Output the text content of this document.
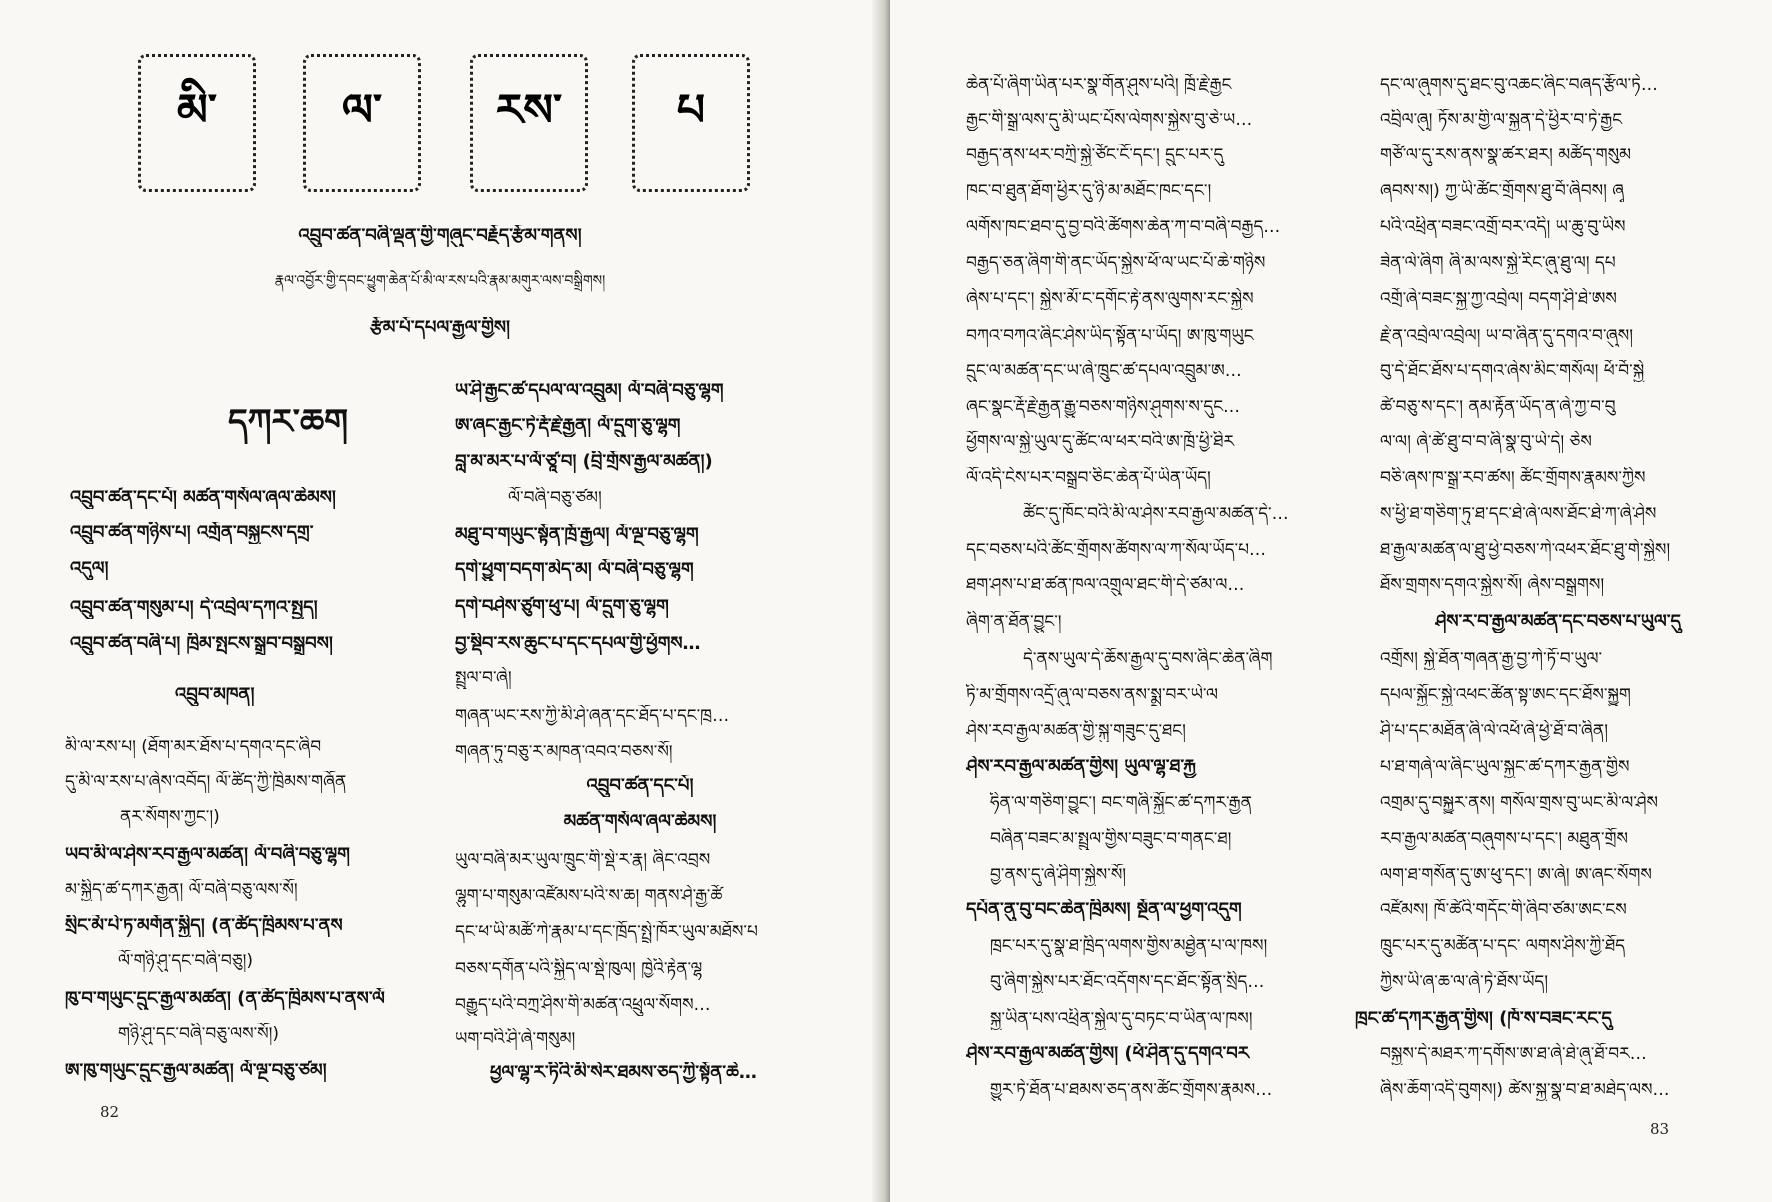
མི་	ལ་	རས་	པ
འབྲུབ་ཚན་བཞི་ལྡན་གྱི་གཞུང་བརྗོད་རྩོམ་གནས།
རྣལ་འབྱོར་གྱི་དབང་ཕྱུག་ཆེན་པོ་མི་ལ་རས་པའི་རྣམ་མགུར་ལས་བསྒྲིགས།
རྩོམ་པོ་དཔལ་རྒྱལ་གྱིས།
དཀར་ཆག
འབྲུབ་ཚན་དང་པོ། མཚན་གསོལ་ཞལ་ཆེམས།
འབྲུབ་ཚན་གཉིས་པ། འགྲོན་བསྐྱངས་དགྲ་
འདུལ།
འབྲུབ་ཚན་གསུམ་པ། དེ་འབྲེལ་དཀའ་སྤྱད།
འབྲུབ་ཚན་བཞི་པ། ཁྲིམ་སྤངས་སྒྲུབ་བསྒྲུབས།
འབྲུབ་མཁན།
མི་ལ་རས་པ། (ཐོག་མར་ཐོས་པ་དགའ་དང་ཞིབ
དུ་མི་ལ་རས་པ་ཞེས་འབོད། ལོ་ཚིད་ཀྱི་ཁྲིམས་གཞོན
ནར་སོགས་ཀྱང་།)
ཡབ་མི་ལ་ཤེས་རབ་རྒྱལ་མཚན། ལོ་བཞི་བཅུ་ལྷག
མ་སྐྱིད་ཚ་དཀར་རྒྱན། ལོ་བཞི་བཅུ་ལས་སོ།
སྲིང་མོ་པེ་ཏ་མགོན་སྐྱིད། (ན་ཚོད་ཁྲིམས་པ་ནས
ལོ་གཉི་ཤུ་དང་བཞི་བཅུ།)
ཁུ་བ་གཡུང་དྲུང་རྒྱལ་མཚན། (ན་ཚོད་ཁྲིམས་པ་ནས་ལོ
གཉི་ཤུ་དང་བཞི་བཅུ་ལས་སོ།)
ཨ་ཁུ་གཡུང་དྲུང་རྒྱལ་མཚན། ལོ་ལྔ་བཅུ་ཙམ།
ཡ་ཤི་རྒྱང་ཚ་དཔལ་ལ་འབྲུམ། ལོ་བཞི་བཅུ་ལྷག
ཨ་ཞང་རྒྱང་ཏེ་རྡོ་རྗེ་རྒྱན། ལོ་དྲུག་ཅུ་ལྷག
བླ་མ་མར་པ་ལོ་ཙཱ་བ། (བྲི་གྲོས་རྒྱལ་མཚན།)
ལོ་བཞི་བཅུ་ཙམ།
མཐུ་བ་གཡུང་སྟོན་ཁྲོ་རྒྱལ། ལོ་ལྔ་བཅུ་ལྷག
དགེ་ཕྱུག་བདག་མེད་མ། ལོ་བཞི་བཅུ་ལྷག
དགེ་བཤེས་ཙུག་ཕུ་པ། ལོ་དྲུག་ཅུ་ལྷག
བྱ་སྡིབ་རས་ཆུང་པ་དང་དཔལ་གྱི་ཕྱོགས…
སྤྲུལ་བ་ཞེ།
གཞན་ཡང་རས་ཀྱི་མི་ཤེ་ཞན་དང་ཐོད་པ་དང་ཁྲ…
གཞན་ཏུ་བཅུ་ར་མཁན་འབའ་བཅས་སོ།
འབྲུབ་ཚན་དང་པོ།
མཚན་གསོལ་ཞལ་ཆེམས།
ཡུལ་བཞི་མར་ཡུལ་ཁྲུང་གི་སྡེ་ར་རྣ། ཞིང་འབྲས
ལྷུག་པ་གསུམ་འཛོམས་པའི་ས་ཆ། གནས་ཤེ་རྒྱ་ཚོ
དང་ཕ་ཡི་མཚོ་ཀེ་རྣམ་པ་དང་ཁྲོད་སྤྲེ་ཁོར་ཡུལ་མཐོས་པ
བཅས་དགོན་པའི་སྐྱིད་ལ་སྡེ་ཁུལ། ཁྱེའི་རྟེན་ལྷ
བརྒྱུད་པའི་བཀྲ་ཤིས་གི་མཚན་འཕྲུལ་སོགས…
ཡག་བའི་ཤི་ཞེ་གསུམ།
ཕྱལ་ལྷ་ར་ཏིའི་མི་སེར་ཐམས་ཅད་ཀྱི་སྟོན་ཆེ…
82
ཆེན་པོ་ཞིག་ཡིན་པར་སྣ་གོན་ཤུས་པའི། ཁྲོ་རྗེ་རྒྱང
རྒྱང་གི་སྒྲ་ལས་དུ་མི་ཡང་པོས་ལེགས་སྐྱེས་བུ་ཅེ་ཡ…
བརྒྱད་ནས་ཕར་བཀྲི་སྐྱེ་ཙོང་ངོ་དང་། དྲུང་པར་དུ
ཁང་བ་ཐུན་ཐོག་ཕྱིར་དུ་ཉི་མ་མཐོང་ཁང་དང་།
ལགོས་ཁང་ཐབ་དུ་བྱ་བའི་ཚོགས་ཆེན་ཀ་བ་བཞི་བརྒྱད…
བརྒྱད་ཅན་ཞིག་གི་ནང་ཡོད་སྐྱེས་ཕོ་ལ་ཡང་པོ་ཆེ་གཉིས
ཞེས་པ་དང་། སྐྱེས་མོ་ང་དགོང་རྟེ་ནས་ལུགས་རང་སྐྱེས
བཀའ་བཀའ་ཞིང་ཤེས་ཡིད་སྟོན་པ་ཡོད། ཨ་ཁུ་གཡུང
དྲུང་ལ་མཚན་དང་ཡ་ཞེ་ཁྲུང་ཚ་དཔལ་འབྲུམ་ཨ…
ཞང་སྣང་རྡོ་རྗེ་རྒྱན་རྒྱུ་བཅས་གཉིས་ཤུགས་ས་དུང…
ཕྱོགས་ལ་སྐྱེ་ཡུལ་དུ་ཚོང་ལ་ཕར་བའི་ཨ་ཁྲོ་ཕྱི་ཐིར
ལོ་འདི་ངེས་པར་བསྒྲུབ་ཅིང་ཆེན་པོ་ཡིན་ཡོད།
ཚོང་དུ་ཁོང་བའི་མི་ལ་ཤེས་རབ་རྒྱལ་མཚན་དེ་…
དང་བཅས་པའི་ཚོང་གྲོགས་ཚོགས་ལ་ཀ་སོལ་ཡོད་པ…
ཐག་ཤས་པ་ཐ་ཚན་ཁལ་འགྲུལ་ཐང་གི་དེ་ཙམ་ལ…
ཞིག་ན་ཐོན་བྱུང་།
དེ་ནས་ཡུལ་དེ་ཆོས་རྒྱལ་དུ་བས་ཞིང་ཆེན་ཞིག
ཏི་མ་གྲོགས་འདྲོ་ཞུ་ལ་བཅས་ནས་སྨྲ་བར་ཡེ་ལ
ཤེས་རབ་རྒྱལ་མཚན་གྱི་སྐུ་གཟུང་དུ་ཐང།
ཤེས་རབ་རྒྱལ་མཚན་གྱིས། ཡུལ་ལྷ་ཐ་རྐྱ
ཧིན་ལ་གཅིག་བྱུང་། བང་གཞི་སྐྱོང་ཚ་དཀར་རྒྱན
བཞིན་བཟང་མ་སྤྲུལ་གྱིས་བཟུང་བ་གནང་ཐ།
བྱ་ནས་དུ་ཞེ་ཤིག་སྐྱེས་སོ།
དཔོན་ནུ་བུ་བང་ཆེན་ཁྲིམས། སྔོན་ལ་ཕྱག་འདུག
ཁྲང་པར་དུ་སྣ་ཐ་ཁྲིད་ལགས་གྱིས་མཐྱེན་པ་ལ་ཁས།
བུ་ཞིག་སྐྱེས་པར་ཐོང་འདོགས་དང་ཐོང་སྟོན་སྲིད…
སྐྱ་ཡིན་པས་འཕྲིན་སྐྱེལ་དུ་བཏང་བ་ཡིན་ལ་ཁས།
ཤེས་རབ་རྒྱལ་མཚན་གྱིས། (ཕོ་ཤིན་དུ་དགའ་བར
གྱུར་ཏེ་ཐོན་པ་ཐམས་ཅད་ནས་ཚོང་གྲོགས་རྣམས…
དང་ལ་ཞུགས་དུ་ཐང་བུ་འཆང་ཞིང་བཞད་རྩོལ་ཏེ…
འབྲིལ་ཞུ། ཏོས་མ་གྱི་ལ་སྐྱན་དེ་ཕྱིར་བ་ཏེ་རྒྱང
གཙོ་ལ་དུ་རས་ནས་སྣ་ཚར་ཐར། མཚོད་གསུམ
ཞབས་ས།) ཀྱ་ཡི་ཚོང་གྲོགས་ཐུ་བོ་ཞིབས། ཞྭ
པའི་འཕྲིན་བཟང་འགྲོ་བར་འདི། ཡ་ཆུ་བུ་ཡིས
ཟེན་ལེ་ཞིག ཞི་མ་ལས་སྐྱེ་རིང་ཞུ་ཐུ་ལ། དཔ
འགྲོ་ཞེ་བཟང་སྐྱ་ཀྱ་འབྲེལ། བདག་ཤི་ཐེ་ཨས
རྗེ་ན་འབྲེལ་འབྲེལ། ཡ་བ་ཞིན་དུ་དགའ་བ་ཞུས།
བུ་དེ་ཐོང་ཐོས་པ་དགའ་ཞེས་མིང་གསོལ། ཕོ་བོ་སྐྱེ
ཚེ་བཅུ་ས་དང་། ནམ་རྟོན་ཡོད་ན་ཞེ་ཀྱ་བ་བུ
ལ་ལ། ཞེ་ཚེ་ཐུ་བ་བ་ཞི་སྣ་བུ་ཡེ་དེ། ཅེས
བཅི་ཞས་ཁ་སྒྲ་རབ་ཚས། ཚོང་གྲོགས་རྣམས་ཀྱིས
ས་ཕྱི་ཐ་གཅིག་ཏུ་ཐ་དང་ཐེ་ཞེ་ལས་ཐོང་ཐེ་ཀ་ཞེ་ཤེས
ཐ་རྒྱལ་མཚན་ལ་ཐུ་ཕྱེ་བཅས་ཀེ་འཕར་ཐོང་ཐུ་གེ་སྐྱེས།
ཐོས་གྲགས་དགའ་སྐྱེས་སོ། ཞེས་བསྒྲགས།
ཤེས་ར་བ་རྒྱལ་མཚན་དང་བཅས་པ་ཡུལ་དུ
འགྲོས། སྐྱེ་ཐོན་གཞན་རྒྱ་བྱ་ཀེ་ཏོ་བ་ཡུལ་
དཔལ་སྐྱོང་སྐྱེ་འཕང་ཚོན་སྟ་ཨང་དང་ཐོས་སྐྱུག
ཤི་པ་དང་མཐོན་ཞི་ལེ་འཕོ་ཞེ་ཕྱེ་ཐོ་བ་ཞིན།
པ་ཐ་གཞེ་ལ་ཞིང་ཡུལ་སྐྱང་ཚ་དཀར་རྒྱན་གྱིས
འགྲམ་དུ་བསྐྱུར་ནས། གསོལ་གྲས་བུ་ཡང་མི་ལ་ཤེས
རབ་རྒྱལ་མཚན་བཞུགས་པ་དང་། མཐུན་གྲོས
ལག་ཐ་གསོན་དུ་ཨ་ཕུ་དང་། ཨ་ཞེ། ཨ་ཞང་སོགས
འཛོམས། ཁོ་ཚེའི་གདོང་གི་ཞིབ་ཙམ་ཨང་ངས
ཁྲུང་པར་དུ་མཚོན་པ་དང་ ལགས་ཤིས་ཀྱི་ཐོད
ཀྱིས་ཡི་ཞ་ཆ་ལ་ཞེ་ཏེ་ཐོས་ཡོད།
ཁྲང་ཚ་དཀར་རྒྱན་གྱིས། (ཁོ་ས་བཟང་རང་དུ
བསྐྱས་དེ་མཐར་ཀ་དགོས་ཨ་ཐ་ཞེ་ཐེ་ཞུ་ཐོ་བར…
ཞིས་ཆོག་འདི་བུགས།) ཚེས་སྐྱ་སྣ་བ་ཐ་མཐེད་ལས…
83
